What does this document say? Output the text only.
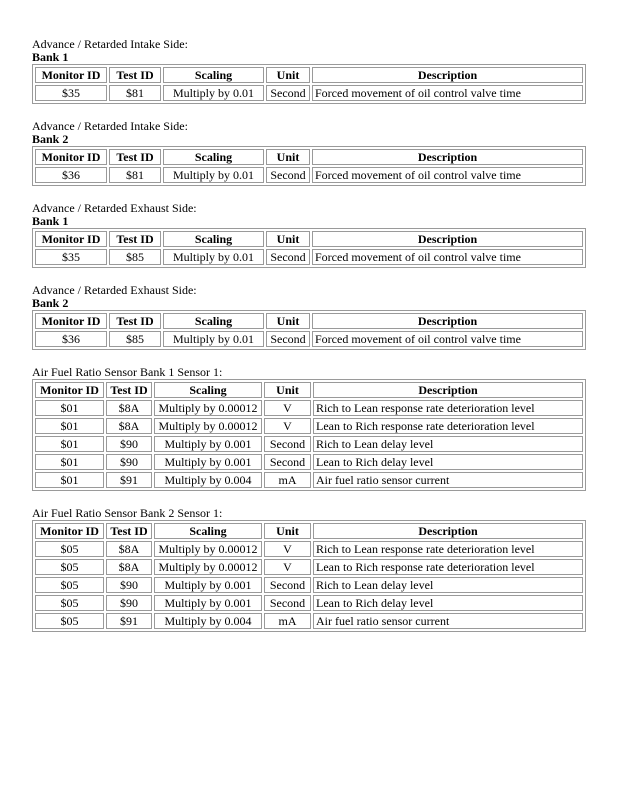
Advance / Retarded Intake Side:
Bank 1
Monitor ID	Test ID	Scaling	Unit	Description
$35	$81	Multiply by 0.01	Second	Forced movement of oil control valve time
Advance / Retarded Intake Side:
Bank 2
Monitor ID	Test ID	Scaling	Unit	Description
$36	$81	Multiply by 0.01	Second	Forced movement of oil control valve time
Advance / Retarded Exhaust Side:
Bank 1
Monitor ID	Test ID	Scaling	Unit	Description
$35	$85	Multiply by 0.01	Second	Forced movement of oil control valve time
Advance / Retarded Exhaust Side:
Bank 2
Monitor ID	Test ID	Scaling	Unit	Description
$36	$85	Multiply by 0.01	Second	Forced movement of oil control valve time
Air Fuel Ratio Sensor Bank 1 Sensor 1:
Monitor ID	Test ID	Scaling	Unit	Description
$01	$8A	Multiply by 0.00012	V	Rich to Lean response rate deterioration level
$01	$8A	Multiply by 0.00012	V	Lean to Rich response rate deterioration level
$01	$90	Multiply by 0.001	Second	Rich to Lean delay level
$01	$90	Multiply by 0.001	Second	Lean to Rich delay level
$01	$91	Multiply by 0.004	mA	Air fuel ratio sensor current
Air Fuel Ratio Sensor Bank 2 Sensor 1:
Monitor ID	Test ID	Scaling	Unit	Description
$05	$8A	Multiply by 0.00012	V	Rich to Lean response rate deterioration level
$05	$8A	Multiply by 0.00012	V	Lean to Rich response rate deterioration level
$05	$90	Multiply by 0.001	Second	Rich to Lean delay level
$05	$90	Multiply by 0.001	Second	Lean to Rich delay level
$05	$91	Multiply by 0.004	mA	Air fuel ratio sensor current
